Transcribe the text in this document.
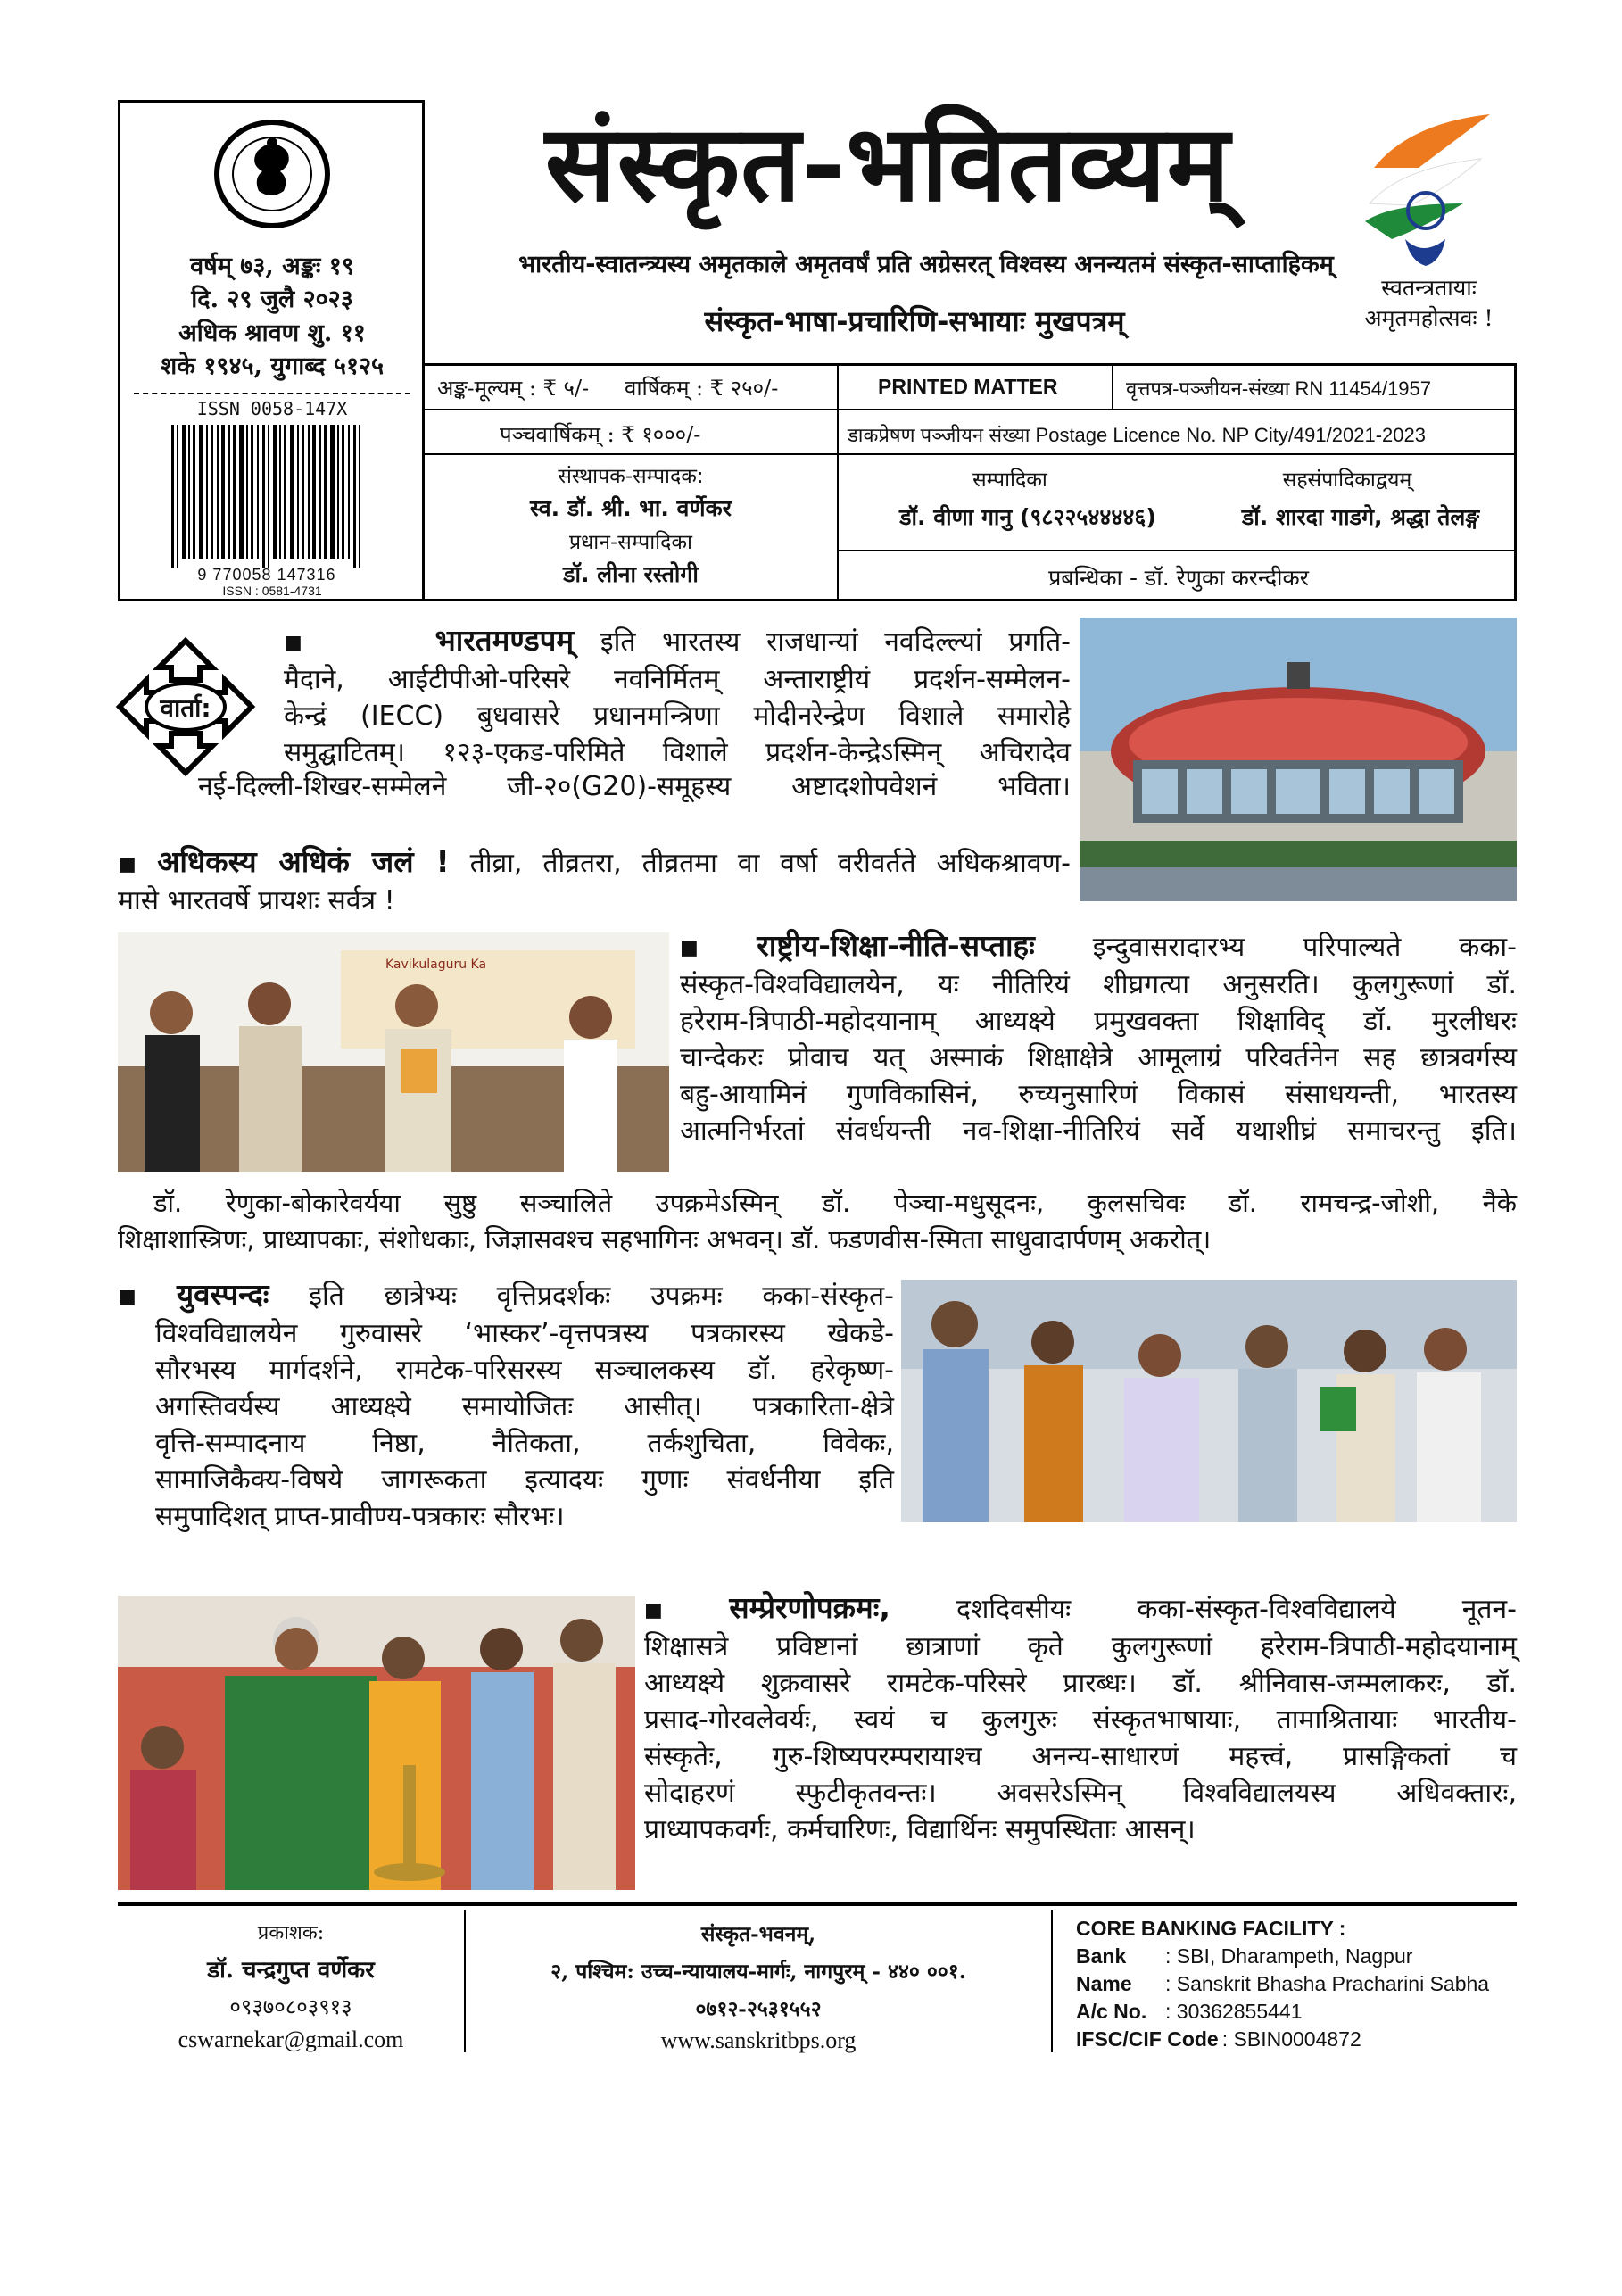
वर्षम् ७३, अङ्कः १९
दि. २९ जुलै २०२३
अधिक श्रावण शु. ११
शके १९४५, युगाब्द ५१२५
ISSN 0058-147X
9 770058 147316
ISSN : 0581-4731
संस्कृत-भवितव्यम्
भारतीय-स्वातन्त्र्यस्य अमृतकाले अमृतवर्षं प्रति अग्रेसरत् विश्वस्य अनन्यतमं संस्कृत-साप्ताहिकम्
संस्कृत-भाषा-प्रचारिणि-सभायाः मुखपत्रम्
स्वतन्त्रतायाः
अमृतमहोत्सवः !
अङ्क-मूल्यम् : ₹ ५/- वार्षिकम् : ₹ २५०/-	PRINTED MATTER	वृत्तपत्र-पञ्जीयन-संख्या RN 11454/1957
पञ्चवार्षिकम् : ₹ १०००/-	डाकप्रेषण पञ्जीयन संख्या Postage Licence No. NP City/491/2021-2023
संस्थापक-सम्पादक:
स्व. डॉ. श्री. भा. वर्णेकर
प्रधान-सम्पादिका
डॉ. लीना रस्तोगी
सम्पादिका
डॉ. वीणा गानु (९८२२५४४४४६)
सहसंपादिकाद्वयम्
डॉ. शारदा गाडगे, श्रद्धा तेलङ्ग
प्रबन्धिका - डॉ. रेणुका करन्दीकर
वार्ता:
■	भारतमण्डपम् इति भारतस्य राजधान्यां नवदिल्ल्यां प्रगति-
मैदाने, आईटीपीओ-परिसरे नवनिर्मितम् अन्ताराष्ट्रीयं प्रदर्शन-सम्मेलन-
केन्द्रं (IECC) बुधवासरे प्रधानमन्त्रिणा मोदीनरेन्द्रेण विशाले समारोहे
समुद्घाटितम्। १२३-एकड-परिमिते विशाले प्रदर्शन-केन्द्रेऽस्मिन् अचिरादेव
नई-दिल्ली-शिखर-सम्मेलने जी-२०(G20)-समूहस्य अष्टादशोपवेशनं भविता।
■ अधिकस्य अधिकं जलं ! तीव्रा, तीव्रतरा, तीव्रतमा वा वर्षा वरीवर्तते अधिकश्रावण-
मासे भारतवर्षे प्रायशः सर्वत्र !
Kavikulaguru Ka
■ राष्ट्रीय-शिक्षा-नीति-सप्ताहः इन्दुवासरादारभ्य परिपाल्यते कका-
संस्कृत-विश्वविद्यालयेन, यः नीतिरियं शीघ्रगत्या अनुसरति। कुलगुरूणां डॉ.
हरेराम-त्रिपाठी-महोदयानाम् आध्यक्ष्ये प्रमुखवक्ता शिक्षाविद् डॉ. मुरलीधरः
चान्देकरः प्रोवाच यत् अस्माकं शिक्षाक्षेत्रे आमूलाग्रं परिवर्तनेन सह छात्रवर्गस्य
बहु-आयामिनं गुणविकासिनं, रुच्यनुसारिणं विकासं संसाधयन्ती, भारतस्य
आत्मनिर्भरतां संवर्धयन्ती नव-शिक्षा-नीतिरियं सर्वे यथाशीघ्रं समाचरन्तु इति।
डॉ. रेणुका-बोकारेवर्यया सुष्ठु सञ्चालिते उपक्रमेऽस्मिन् डॉ. पेञ्चा-मधुसूदनः, कुलसचिवः डॉ. रामचन्द्र-जोशी, नैके
शिक्षाशास्त्रिणः, प्राध्यापकाः, संशोधकाः, जिज्ञासवश्च सहभागिनः अभवन्। डॉ. फडणवीस-स्मिता साधुवादार्पणम् अकरोत्।
■ युवस्पन्दः इति छात्रेभ्यः वृत्तिप्रदर्शकः उपक्रमः कका-संस्कृत-
विश्वविद्यालयेन गुरुवासरे ‘भास्कर’-वृत्तपत्रस्य पत्रकारस्य खेकडे-
सौरभस्य मार्गदर्शने, रामटेक-परिसरस्य सञ्चालकस्य डॉ. हरेकृष्ण-
अगस्तिवर्यस्य आध्यक्ष्ये समायोजितः आसीत्। पत्रकारिता-क्षेत्रे
वृत्ति-सम्पादनाय निष्ठा, नैतिकता, तर्कशुचिता, विवेकः,
सामाजिकैक्य-विषये जागरूकता इत्यादयः गुणाः संवर्धनीया इति
समुपादिशत् प्राप्त-प्रावीण्य-पत्रकारः सौरभः।
■ सम्प्रेरणोपक्रमः, दशदिवसीयः कका-संस्कृत-विश्वविद्यालये नूतन-
शिक्षासत्रे प्रविष्टानां छात्राणां कृते कुलगुरूणां हरेराम-त्रिपाठी-महोदयानाम्
आध्यक्ष्ये शुक्रवासरे रामटेक-परिसरे प्रारब्धः। डॉ. श्रीनिवास-जम्मलाकरः, डॉ.
प्रसाद-गोरवलेवर्यः, स्वयं च कुलगुरुः संस्कृतभाषायाः, तामाश्रितायाः भारतीय-
संस्कृतेः, गुरु-शिष्यपरम्परायाश्च अनन्य-साधारणं महत्त्वं, प्रासङ्गिकतां च
सोदाहरणं स्फुटीकृतवन्तः। अवसरेऽस्मिन् विश्वविद्यालयस्य अधिवक्तारः,
प्राध्यापकवर्गः, कर्मचारिणः, विद्यार्थिनः समुपस्थिताः आसन्।
प्रकाशक:
डॉ. चन्द्रगुप्त वर्णेकर
०९३७०८०३९१३
cswarnekar@gmail.com
संस्कृत-भवनम्,
२, पश्चिम: उच्च-न्यायालय-मार्गः, नागपुरम् - ४४० ००१.
०७१२-२५३१५५२
www.sanskritbps.org
CORE BANKING FACILITY :
Bank : SBI, Dharampeth, Nagpur
Name : Sanskrit Bhasha Pracharini Sabha
A/c No. : 30362855441
IFSC/CIF Code : SBIN0004872
